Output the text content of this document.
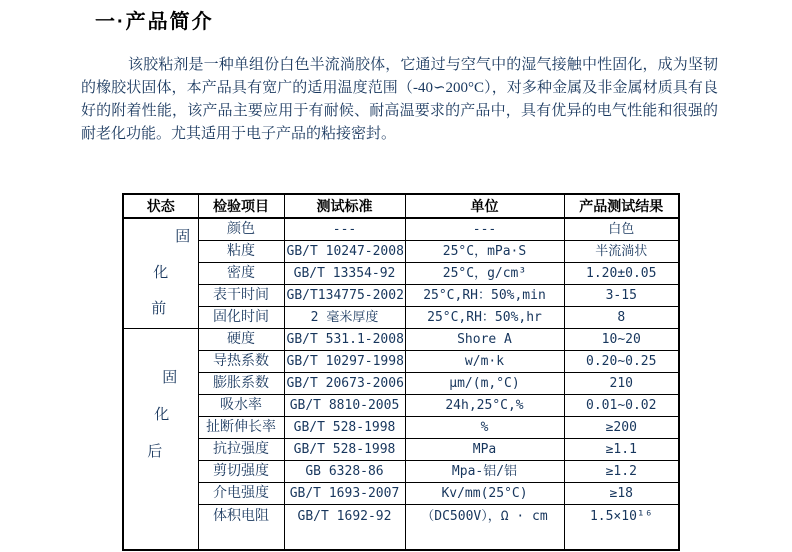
一·产品简介

该胶粘剂是一种单组份白色半流淌胶体，它通过与空气中的湿气接触中性固化，成为坚韧的橡胶状固体，本产品具有宽广的适用温度范围（-40∽200°C），对多种金属及非金属材质具有良好的附着性能，该产品主要应用于有耐候、耐高温要求的产品中，具有优异的电气性能和很强的耐老化功能。尤其适用于电子产品的粘接密封。

状态	检验项目	测试标准	单位	产品测试结果

固
化
前	颜色	---	---	白色
	粘度	GB/T 10247-2008	25°C，mPa·S	半流淌状
	密度	GB/T 13354-92	25°C，g/cm³	1.20±0.05
	表干时间	GB/T134775-2002	25°C,RH：50%,min	3-15
	固化时间	2 毫米厚度	25°C,RH：50%,hr	8

固
化
后	硬度	GB/T 531.1-2008	Shore A	10~20
	导热系数	GB/T 10297-1998	w/m·k	0.20~0.25
	膨胀系数	GB/T 20673-2006	μm/(m,°C)	210
	吸水率	GB/T 8810-2005	24h,25°C,%	0.01~0.02
	扯断伸长率	GB/T 528-1998	%	≥200
	抗拉强度	GB/T 528-1998	MPa	≥1.1
	剪切强度	GB 6328-86	Mpa-铝/铝	≥1.2
	介电强度	GB/T 1693-2007	Kv/mm(25°C)	≥18
	体积电阻	GB/T 1692-92	（DC500V），Ω · cm	1.5×10¹⁶
